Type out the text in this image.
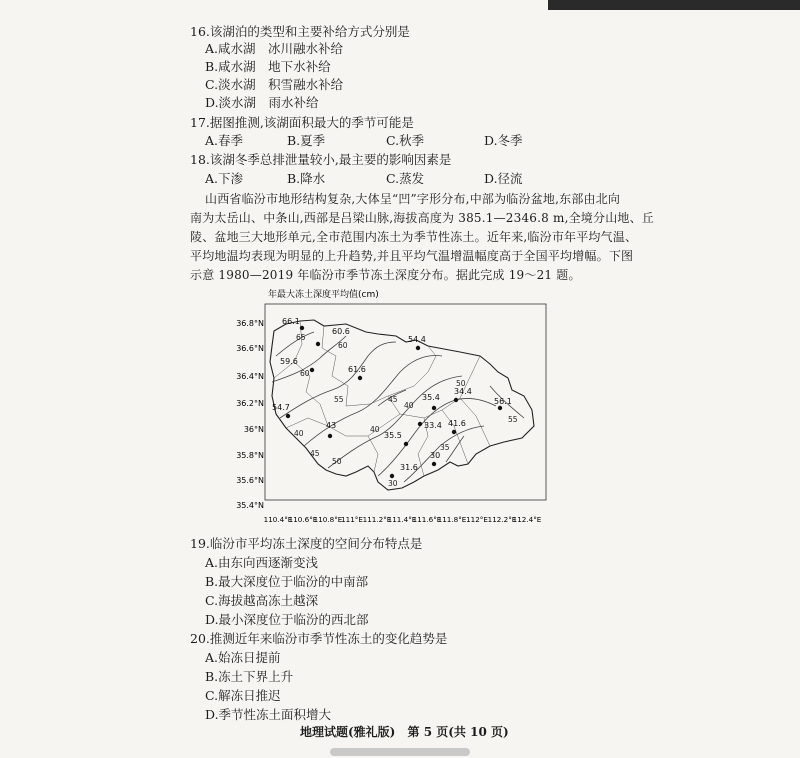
16.该湖泊的类型和主要补给方式分别是
A.咸水湖　冰川融水补给
B.咸水湖　地下水补给
C.淡水湖　积雪融水补给
D.淡水湖　雨水补给
17.据图推测,该湖面积最大的季节可能是
A.春季	B.夏季	C.秋季	D.冬季
18.该湖冬季总排泄量较小,最主要的影响因素是
A.下渗	B.降水	C.蒸发	D.径流
山西省临汾市地形结构复杂,大体呈“凹”字形分布,中部为临汾盆地,东部由北向
南为太岳山、中条山,西部是吕梁山脉,海拔高度为 385.1—2346.8 m,全境分山地、丘
陵、盆地三大地形单元,全市范围内冻土为季节性冻土。近年来,临汾市年平均气温、
平均地温均表现为明显的上升趋势,并且平均气温增温幅度高于全国平均增幅。下图
示意 1980—2019 年临汾市季节冻土深度分布。据此完成 19～21 题。
年最大冻土深度平均值(cm)
36.8°N
36.6°N
36.4°N
36.2°N
36°N
35.8°N
35.6°N
35.4°N
110.4°E
110.6°E
110.8°E
111°E 111.2°E
111.4°E
111.6°E
111.8°E 112°E 112.2°E
112.4°E
66.1
60.6
54.4
59.6
61.6
35.4
34.4
56.1
54.7
43	33.4 41.6
35.5
30
31.6
65
60
60
55	45
40
50
55
40
45
50
40
30
35
19.临汾市平均冻土深度的空间分布特点是
A.由东向西逐渐变浅
B.最大深度位于临汾的中南部
C.海拔越高冻土越深
D.最小深度位于临汾的西北部
20.推测近年来临汾市季节性冻土的变化趋势是
A.始冻日提前
B.冻土下界上升
C.解冻日推迟
D.季节性冻土面积增大
地理试题(雅礼版) 第 5 页(共 10 页)
